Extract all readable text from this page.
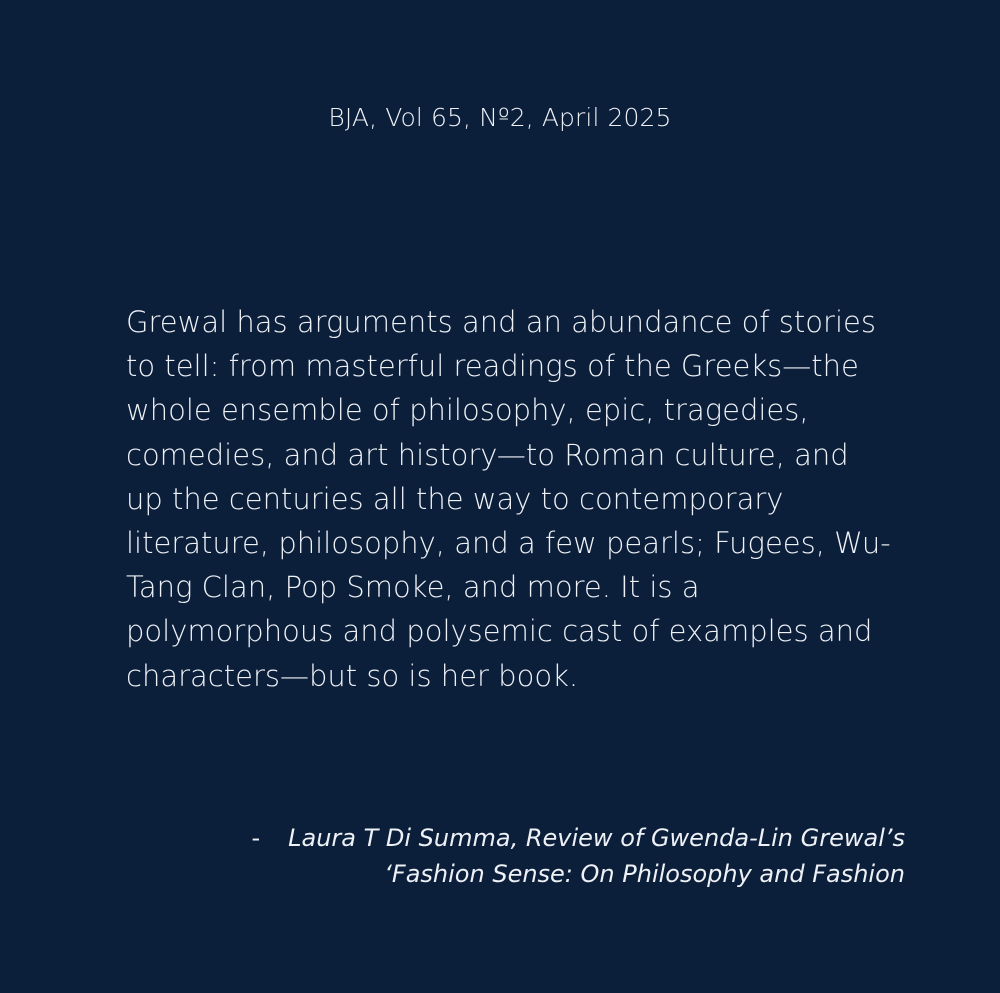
BJA, Vol 65, Nº2, April 2025
Grewal has arguments and an abundance of stories
to tell: from masterful readings of the Greeks—the
whole ensemble of philosophy, epic, tragedies,
comedies, and art history—to Roman culture, and
up the centuries all the way to contemporary
literature, philosophy, and a few pearls; Fugees, Wu-
Tang Clan, Pop Smoke, and more. It is a
polymorphous and polysemic cast of examples and
characters—but so is her book.
- Laura T Di Summa, Review of Gwenda-Lin Grewal’s
‘Fashion Sense: On Philosophy and Fashion
